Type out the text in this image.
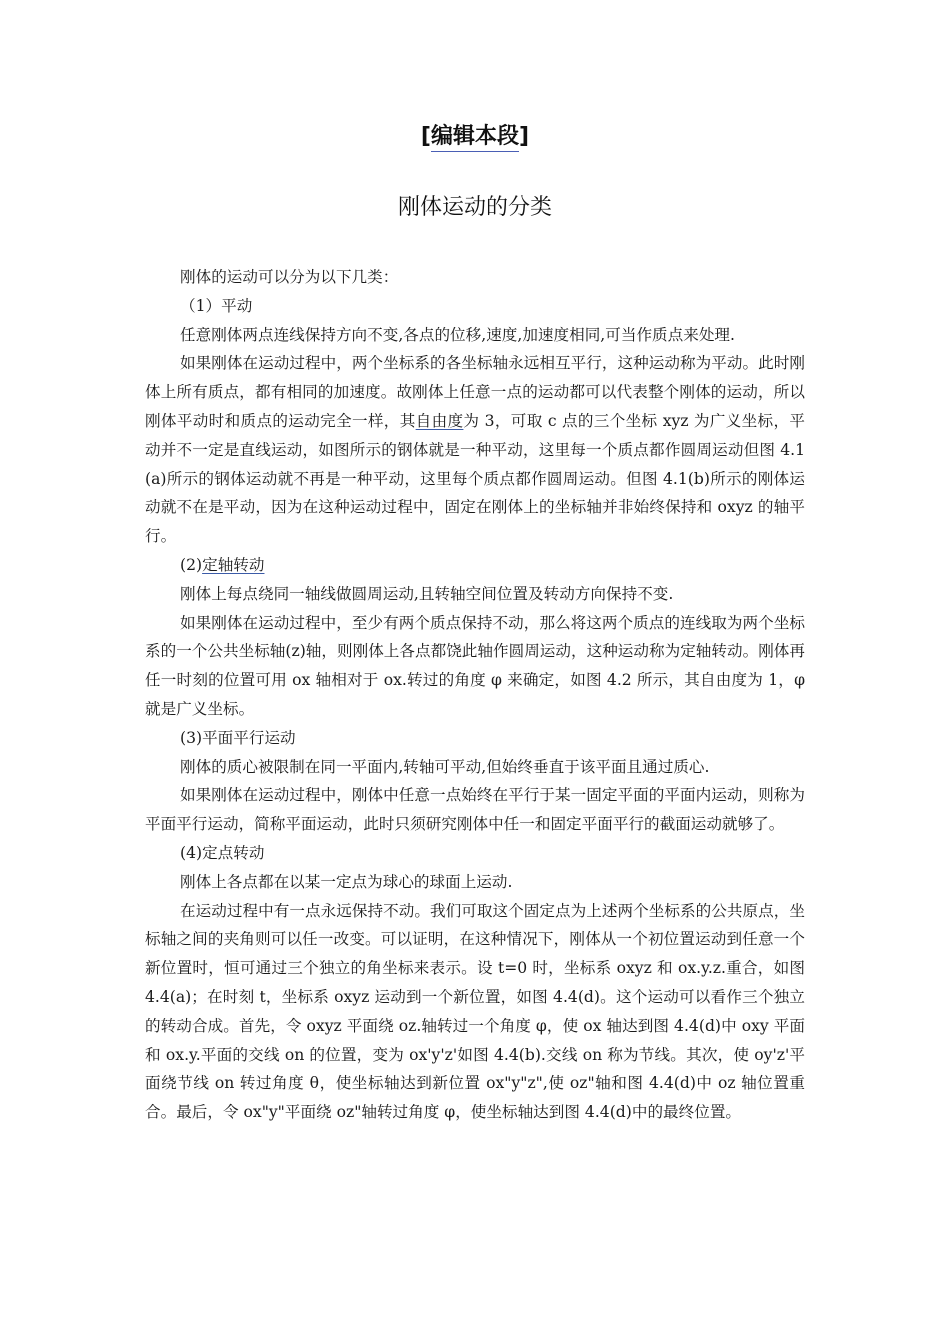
[编辑本段]
刚体运动的分类

刚体的运动可以分为以下几类：

（1）平动

任意刚体两点连线保持方向不变,各点的位移,速度,加速度相同,可当作质点来处理.

如果刚体在运动过程中，两个坐标系的各坐标轴永远相互平行，这种运动称为平动。此时刚体上所有质点，都有相同的加速度。故刚体上任意一点的运动都可以代表整个刚体的运动，所以刚体平动时和质点的运动完全一样，其自由度为 3，可取 c 点的三个坐标 xyz 为广义坐标，平动并不一定是直线运动，如图所示的钢体就是一种平动，这里每一个质点都作圆周运动但图 4.1(a)所示的钢体运动就不再是一种平动，这里每个质点都作圆周运动。但图 4.1(b)所示的刚体运动就不在是平动，因为在这种运动过程中，固定在刚体上的坐标轴并非始终保持和 oxyz 的轴平行。

(2)定轴转动

刚体上每点绕同一轴线做圆周运动,且转轴空间位置及转动方向保持不变.

如果刚体在运动过程中，至少有两个质点保持不动，那么将这两个质点的连线取为两个坐标系的一个公共坐标轴(z)轴，则刚体上各点都饶此轴作圆周运动，这种运动称为定轴转动。刚体再任一时刻的位置可用 ox 轴相对于 ox.转过的角度 φ 来确定，如图 4.2 所示，其自由度为 1，φ 就是广义坐标。

(3)平面平行运动

刚体的质心被限制在同一平面内,转轴可平动,但始终垂直于该平面且通过质心.

如果刚体在运动过程中，刚体中任意一点始终在平行于某一固定平面的平面内运动，则称为平面平行运动，简称平面运动，此时只须研究刚体中任一和固定平面平行的截面运动就够了。

(4)定点转动

刚体上各点都在以某一定点为球心的球面上运动.

在运动过程中有一点永远保持不动。我们可取这个固定点为上述两个坐标系的公共原点，坐标轴之间的夹角则可以任一改变。可以证明，在这种情况下，刚体从一个初位置运动到任意一个新位置时，恒可通过三个独立的角坐标来表示。设 t=0 时，坐标系 oxyz 和 ox.y.z.重合，如图 4.4(a)；在时刻 t，坐标系 oxyz 运动到一个新位置，如图 4.4(d)。这个运动可以看作三个独立的转动合成。首先，令 oxyz 平面绕 oz.轴转过一个角度 φ，使 ox 轴达到图 4.4(d)中 oxy 平面和 ox.y.平面的交线 on 的位置，变为 ox'y'z'如图 4.4(b).交线 on 称为节线。其次，使 oy'z'平面绕节线 on 转过角度 θ，使坐标轴达到新位置 ox"y"z",使 oz"轴和图 4.4(d)中 oz 轴位置重合。最后，令 ox"y"平面绕 oz"轴转过角度 φ，使坐标轴达到图 4.4(d)中的最终位置。
